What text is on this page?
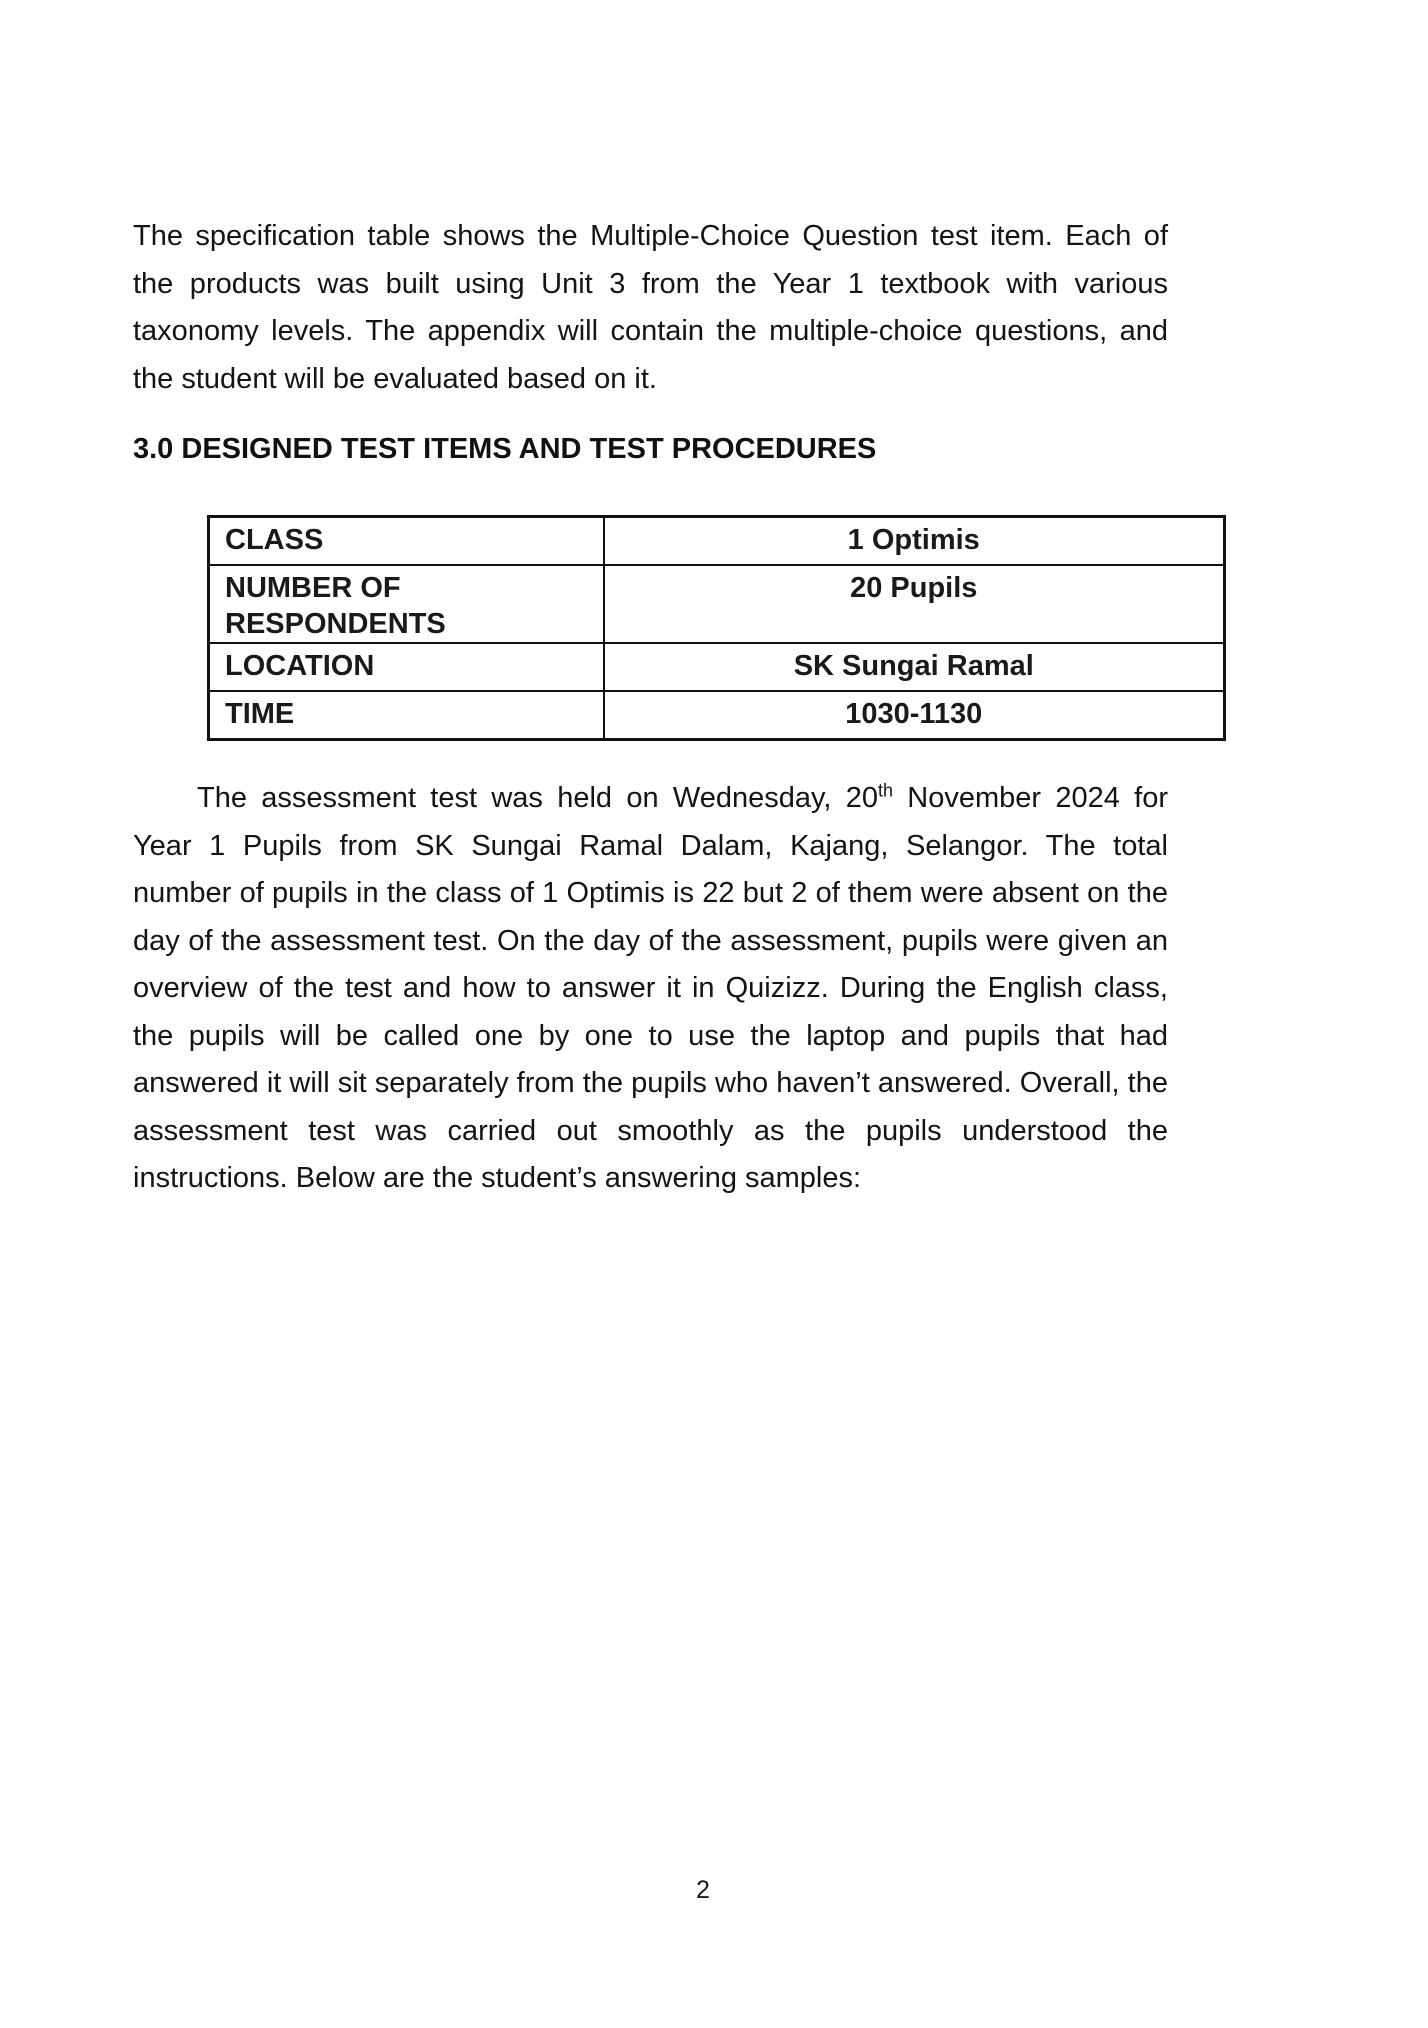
The specification table shows the Multiple-Choice Question test item. Each of the products was built using Unit 3 from the Year 1 textbook with various taxonomy levels. The appendix will contain the multiple-choice questions, and the student will be evaluated based on it.

3.0 DESIGNED TEST ITEMS AND TEST PROCEDURES
CLASS	1 Optimis
NUMBER OF RESPONDENTS	20 Pupils
LOCATION	SK Sungai Ramal
TIME	1030-1130

The assessment test was held on Wednesday, 20th November 2024 for Year 1 Pupils from SK Sungai Ramal Dalam, Kajang, Selangor. The total number of pupils in the class of 1 Optimis is 22 but 2 of them were absent on the day of the assessment test. On the day of the assessment, pupils were given an overview of the test and how to answer it in Quizizz. During the English class, the pupils will be called one by one to use the laptop and pupils that had answered it will sit separately from the pupils who haven’t answered. Overall, the assessment test was carried out smoothly as the pupils understood the instructions. Below are the student’s answering samples:

2
